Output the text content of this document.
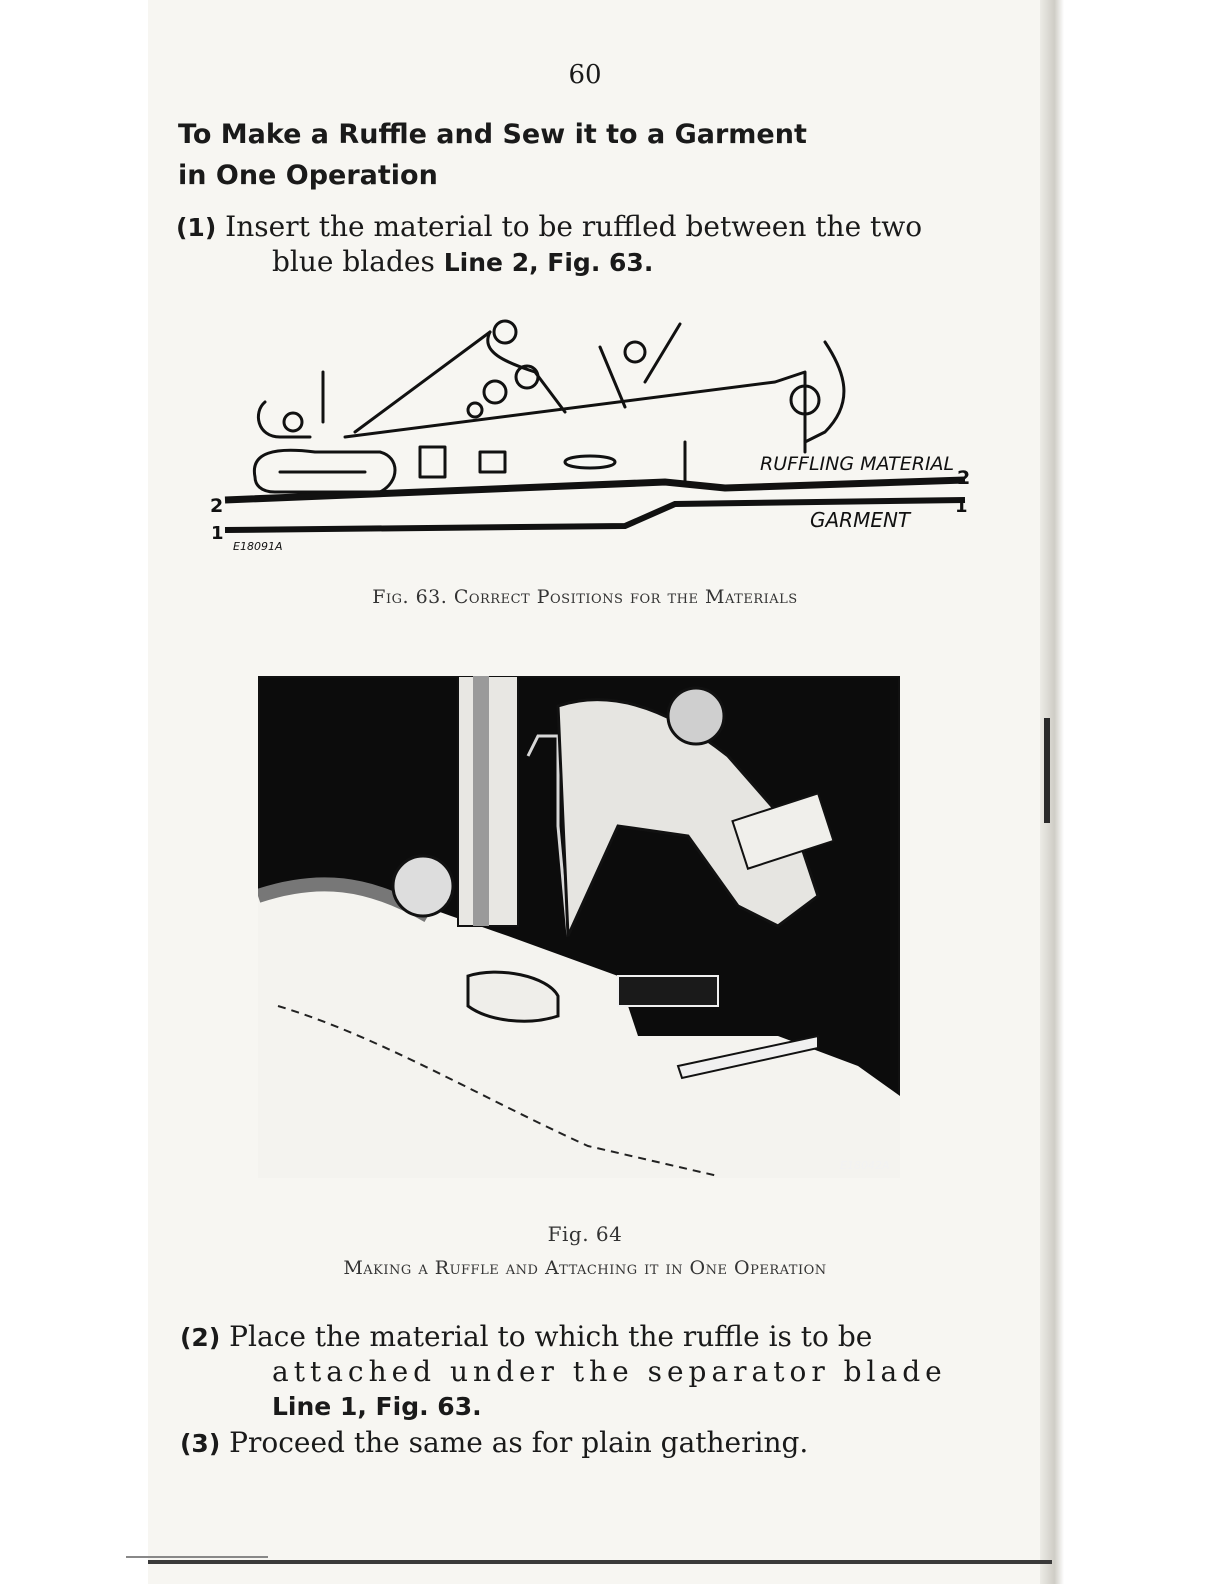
60
To Make a Ruffle and Sew it to a Garment
in One Operation
(1) Insert the material to be ruffled between the two
blue blades Line 2, Fig. 63.
RUFFLING MATERIAL
GARMENT
2
1
2
1
E18091A
Fig. 63. Correct Positions for the Materials
E18042A
Fig. 64
Making a Ruffle and Attaching it in One Operation
(2) Place the material to which the ruffle is to be
attached under the separator blade
Line 1, Fig. 63.
(3) Proceed the same as for plain gathering.
